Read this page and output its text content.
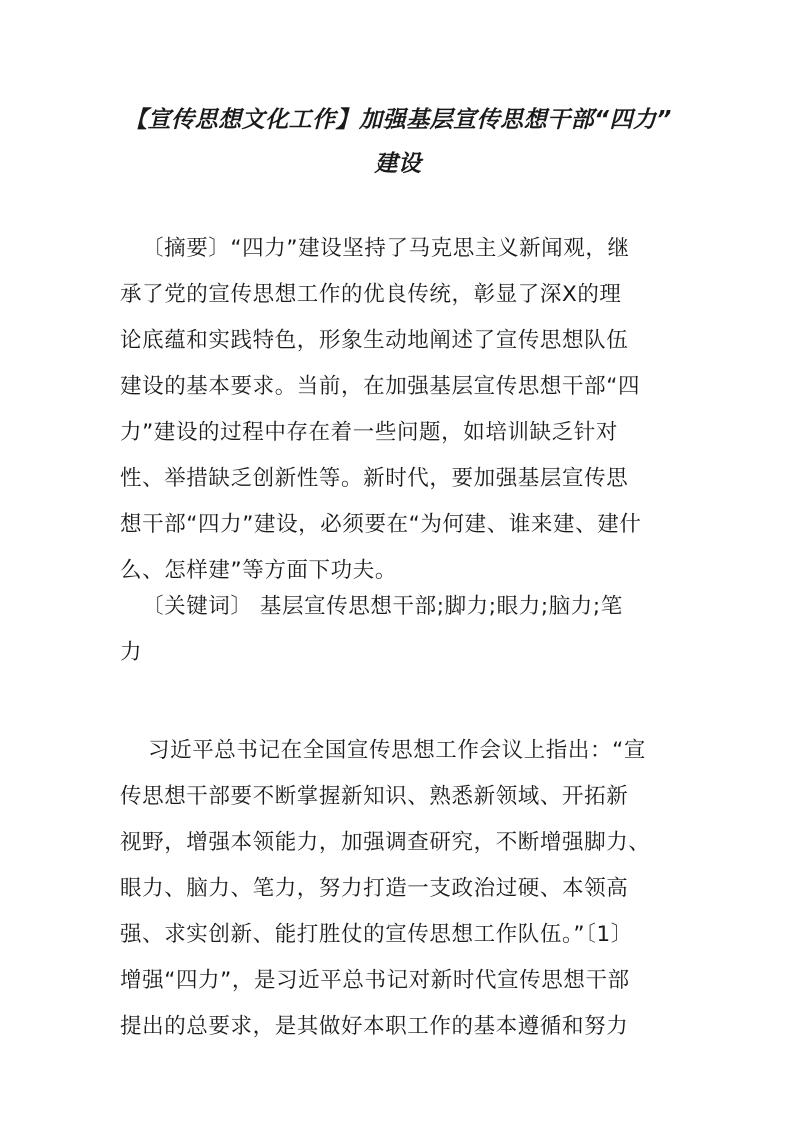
【宣传思想文化工作】加强基层宣传思想干部“四力”
建设
〔摘要〕“四力”建设坚持了马克思主义新闻观，继
承了党的宣传思想工作的优良传统，彰显了深X的理
论底蕴和实践特色，形象生动地阐述了宣传思想队伍
建设的基本要求。当前，在加强基层宣传思想干部“四
力”建设的过程中存在着一些问题，如培训缺乏针对
性、举措缺乏创新性等。新时代，要加强基层宣传思
想干部“四力”建设，必须要在“为何建、谁来建、建什
么、怎样建”等方面下功夫。
〔关键词〕 基层宣传思想干部;脚力;眼力;脑力;笔
力
习近平总书记在全国宣传思想工作会议上指出：“宣
传思想干部要不断掌握新知识、熟悉新领域、开拓新
视野，增强本领能力，加强调查研究，不断增强脚力、
眼力、脑力、笔力，努力打造一支政治过硬、本领高
强、求实创新、能打胜仗的宣传思想工作队伍。”〔1〕
增强“四力”，是习近平总书记对新时代宣传思想干部
提出的总要求，是其做好本职工作的基本遵循和努力
